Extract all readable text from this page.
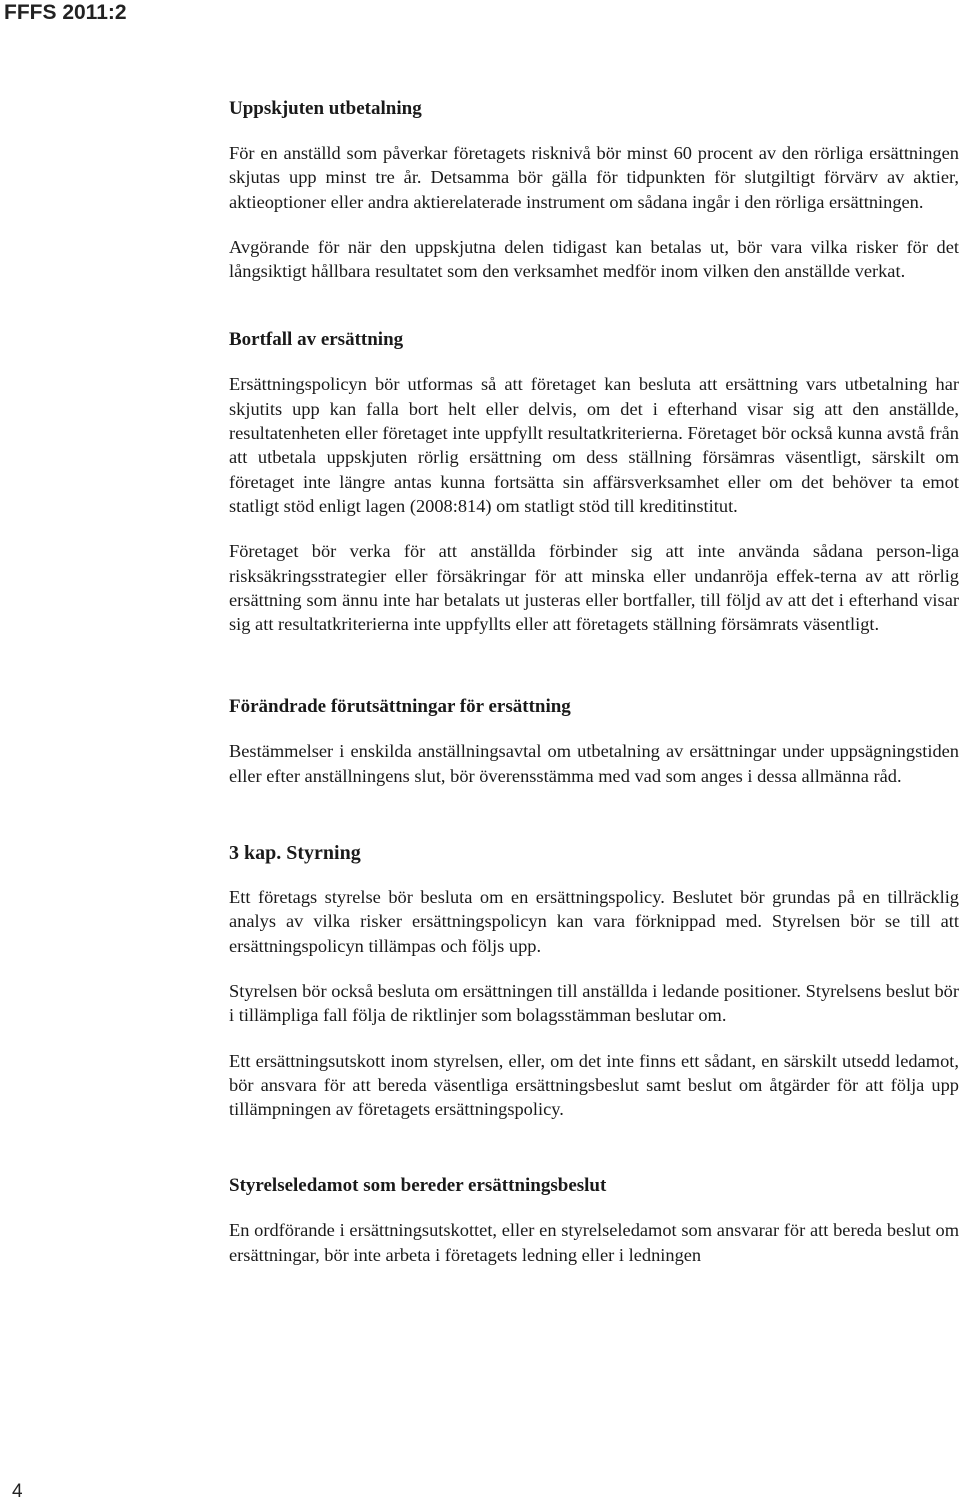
FFFS 2011:2
Uppskjuten utbetalning

För en anställd som påverkar företagets risknivå bör minst 60 procent av den rörliga ersättningen skjutas upp minst tre år. Detsamma bör gälla för tidpunkten för slutgiltigt förvärv av aktier, aktieoptioner eller andra aktierelaterade instrument om sådana ingår i den rörliga ersättningen.

Avgörande för när den uppskjutna delen tidigast kan betalas ut, bör vara vilka risker för det långsiktigt hållbara resultatet som den verksamhet medför inom vilken den anställde verkat.

Bortfall av ersättning

Ersättningspolicyn bör utformas så att företaget kan besluta att ersättning vars utbetalning har skjutits upp kan falla bort helt eller delvis, om det i efterhand visar sig att den anställde, resultatenheten eller företaget inte uppfyllt resultatkriterierna. Företaget bör också kunna avstå från att utbetala uppskjuten rörlig ersättning om dess ställning försämras väsentligt, särskilt om företaget inte längre antas kunna fortsätta sin affärsverksamhet eller om det behöver ta emot statligt stöd enligt lagen (2008:814) om statligt stöd till kreditinstitut.

Företaget bör verka för att anställda förbinder sig att inte använda sådana person-liga risksäkringsstrategier eller försäkringar för att minska eller undanröja effek-terna av att rörlig ersättning som ännu inte har betalats ut justeras eller bortfaller, till följd av att det i efterhand visar sig att resultatkriterierna inte uppfyllts eller att företagets ställning försämrats väsentligt.

Förändrade förutsättningar för ersättning

Bestämmelser i enskilda anställningsavtal om utbetalning av ersättningar under uppsägningstiden eller efter anställningens slut, bör överensstämma med vad som anges i dessa allmänna råd.

3 kap. Styrning

Ett företags styrelse bör besluta om en ersättningspolicy. Beslutet bör grundas på en tillräcklig analys av vilka risker ersättningspolicyn kan vara förknippad med. Styrelsen bör se till att ersättningspolicyn tillämpas och följs upp.

Styrelsen bör också besluta om ersättningen till anställda i ledande positioner. Styrelsens beslut bör i tillämpliga fall följa de riktlinjer som bolagsstämman beslutar om.

Ett ersättningsutskott inom styrelsen, eller, om det inte finns ett sådant, en särskilt utsedd ledamot, bör ansvara för att bereda väsentliga ersättningsbeslut samt beslut om åtgärder för att följa upp tillämpningen av företagets ersättningspolicy.

Styrelseledamot som bereder ersättningsbeslut

En ordförande i ersättningsutskottet, eller en styrelseledamot som ansvarar för att bereda beslut om ersättningar, bör inte arbeta i företagets ledning eller i ledningen

4
